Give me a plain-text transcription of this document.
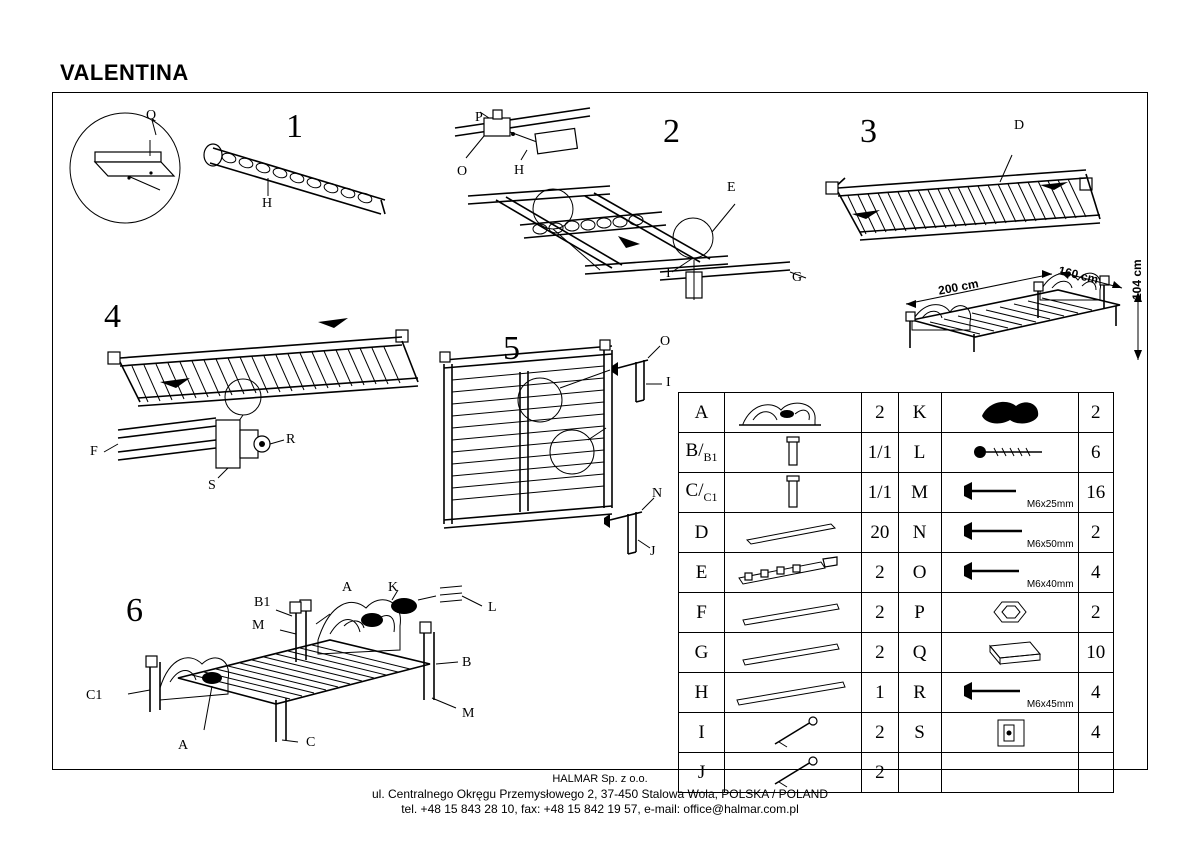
VALENTINA
1	2	3
4
5
6
Q
H
P
O	H
E
I	G
D
200 cm
160 cm	104 cm
F
S
R
O
I
N
J
A
B
B1
C
C1
K
L
M
M
A
A		2	K		2
$B/_{B1}$		1/1	L		6
$C/_{C1}$		1/1	M	M6x25mm	16
D		20	N	M6x50mm	2
E		2	O	M6x40mm	4
F		2	P		2
G		2	Q		10
H		1	R	M6x45mm	4
I		2	S		4
J		2			
HALMAR Sp. z o.o.
ul. Centralnego Okręgu Przemysłowego 2, 37-450 Stalowa Wola, POLSKA / POLAND
tel. +48 15 843 28 10, fax: +48 15 842 19 57, e-mail: office@halmar.com.pl
